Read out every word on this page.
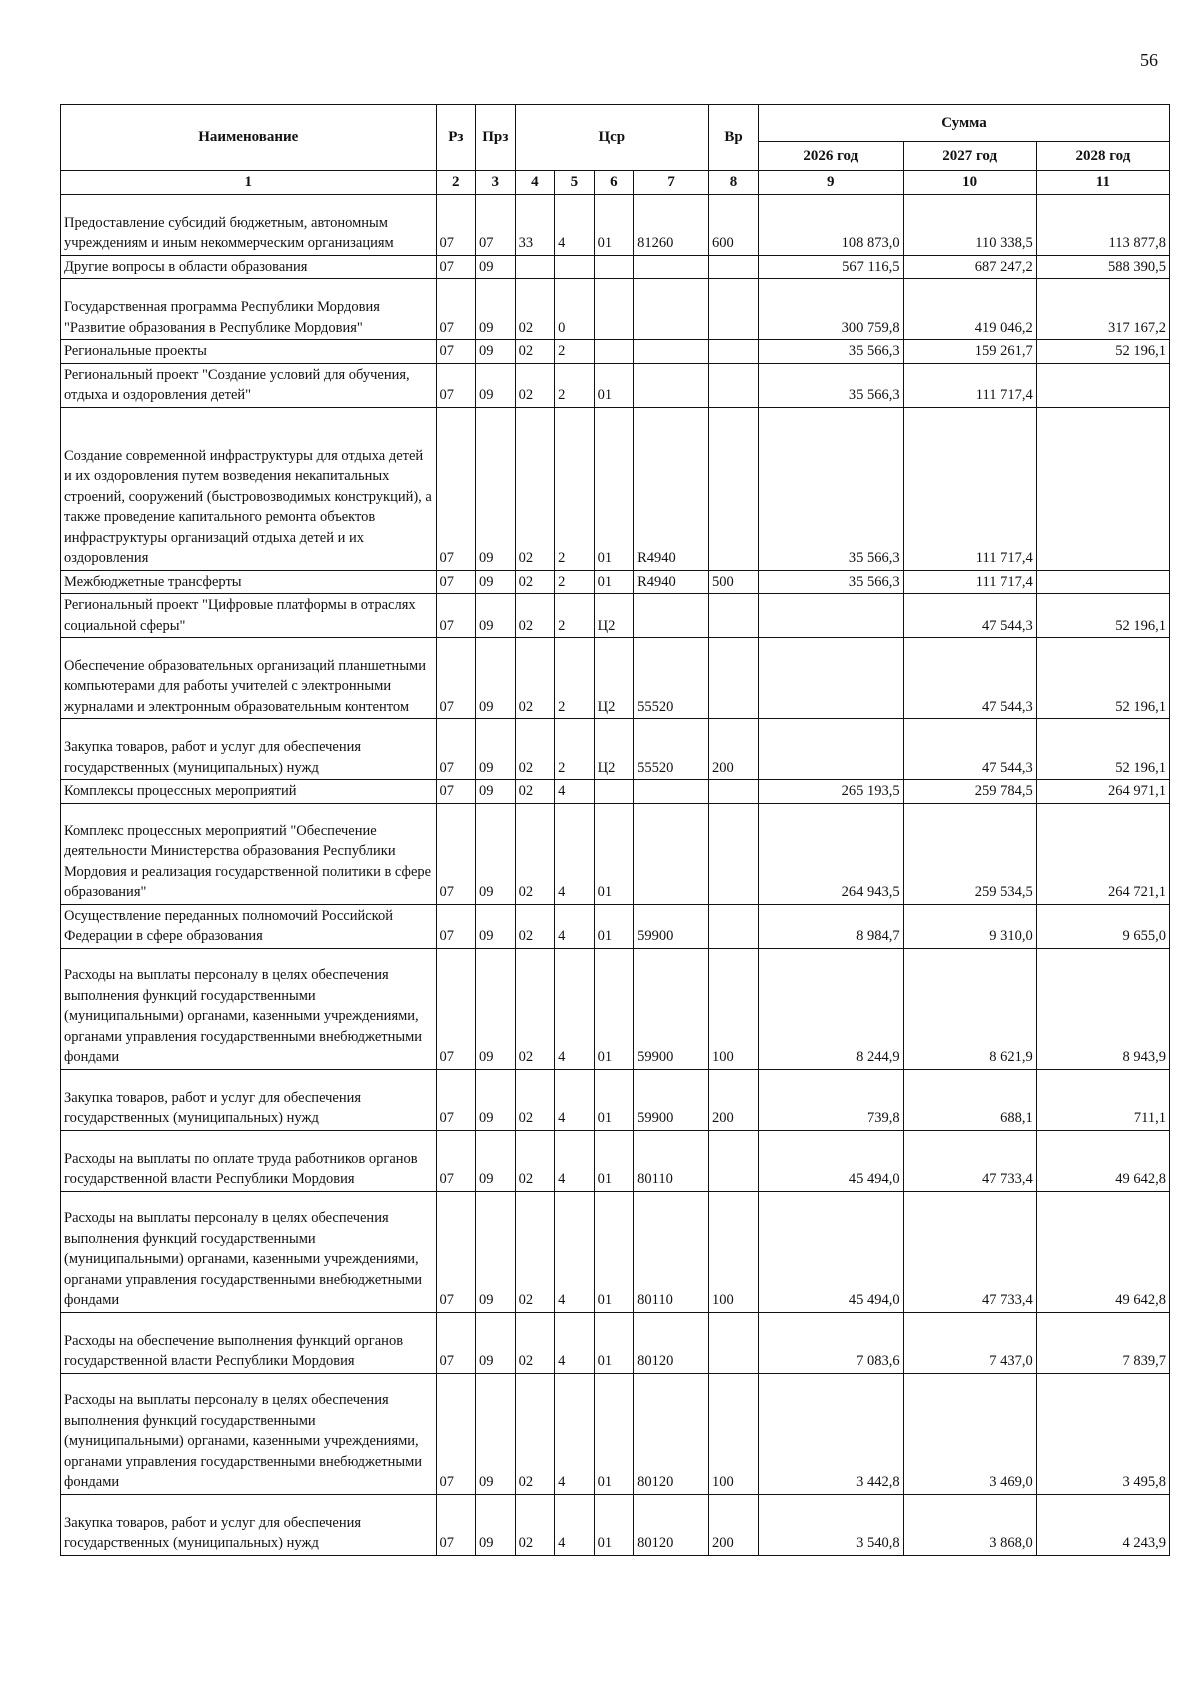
56
Наименование	Рз	Прз	Цср				Вр	Сумма		
								2026 год	2027 год	2028 год
1	2	3	4	5	6	7	8	9	10	11
Предоставление субсидий бюджетным, автономным учреждениям и иным некоммерческим организациям	07	07	33	4	01	81260	600	108 873,0	110 338,5	113 877,8
Другие вопросы в области образования	07	09						567 116,5	687 247,2	588 390,5
Государственная программа Республики Мордовия "Развитие образования в Республике Мордовия"	07	09	02	0				300 759,8	419 046,2	317 167,2
Региональные проекты	07	09	02	2				35 566,3	159 261,7	52 196,1
Региональный проект "Создание условий для обучения, отдыха и оздоровления детей"	07	09	02	2	01			35 566,3	111 717,4	
Создание современной инфраструктуры для отдыха детей и их оздоровления путем возведения некапитальных строений, сооружений (быстровозводимых конструкций), а также проведение капитального ремонта объектов инфраструктуры организаций отдыха детей и их оздоровления	07	09	02	2	01	R4940		35 566,3	111 717,4	
Межбюджетные трансферты	07	09	02	2	01	R4940	500	35 566,3	111 717,4	
Региональный проект "Цифровые платформы в отраслях социальной сферы"	07	09	02	2	Ц2				47 544,3	52 196,1
Обеспечение образовательных организаций планшетными компьютерами для работы учителей с электронными журналами и электронным образовательным контентом	07	09	02	2	Ц2	55520			47 544,3	52 196,1
Закупка товаров, работ и услуг для обеспечения государственных (муниципальных) нужд	07	09	02	2	Ц2	55520	200		47 544,3	52 196,1
Комплексы процессных мероприятий	07	09	02	4				265 193,5	259 784,5	264 971,1
Комплекс процессных мероприятий "Обеспечение деятельности Министерства образования Республики Мордовия и реализация государственной политики в сфере образования"	07	09	02	4	01			264 943,5	259 534,5	264 721,1
Осуществление переданных полномочий Российской Федерации в сфере образования	07	09	02	4	01	59900		8 984,7	9 310,0	9 655,0
Расходы на выплаты персоналу в целях обеспечения выполнения функций государственными (муниципальными) органами, казенными учреждениями, органами управления государственными внебюджетными фондами	07	09	02	4	01	59900	100	8 244,9	8 621,9	8 943,9
Закупка товаров, работ и услуг для обеспечения государственных (муниципальных) нужд	07	09	02	4	01	59900	200	739,8	688,1	711,1
Расходы на выплаты по оплате труда работников органов государственной власти Республики Мордовия	07	09	02	4	01	80110		45 494,0	47 733,4	49 642,8
Расходы на выплаты персоналу в целях обеспечения выполнения функций государственными (муниципальными) органами, казенными учреждениями, органами управления государственными внебюджетными фондами	07	09	02	4	01	80110	100	45 494,0	47 733,4	49 642,8
Расходы на обеспечение выполнения функций органов государственной власти Республики Мордовия	07	09	02	4	01	80120		7 083,6	7 437,0	7 839,7
Расходы на выплаты персоналу в целях обеспечения выполнения функций государственными (муниципальными) органами, казенными учреждениями, органами управления государственными внебюджетными фондами	07	09	02	4	01	80120	100	3 442,8	3 469,0	3 495,8
Закупка товаров, работ и услуг для обеспечения государственных (муниципальных) нужд	07	09	02	4	01	80120	200	3 540,8	3 868,0	4 243,9
